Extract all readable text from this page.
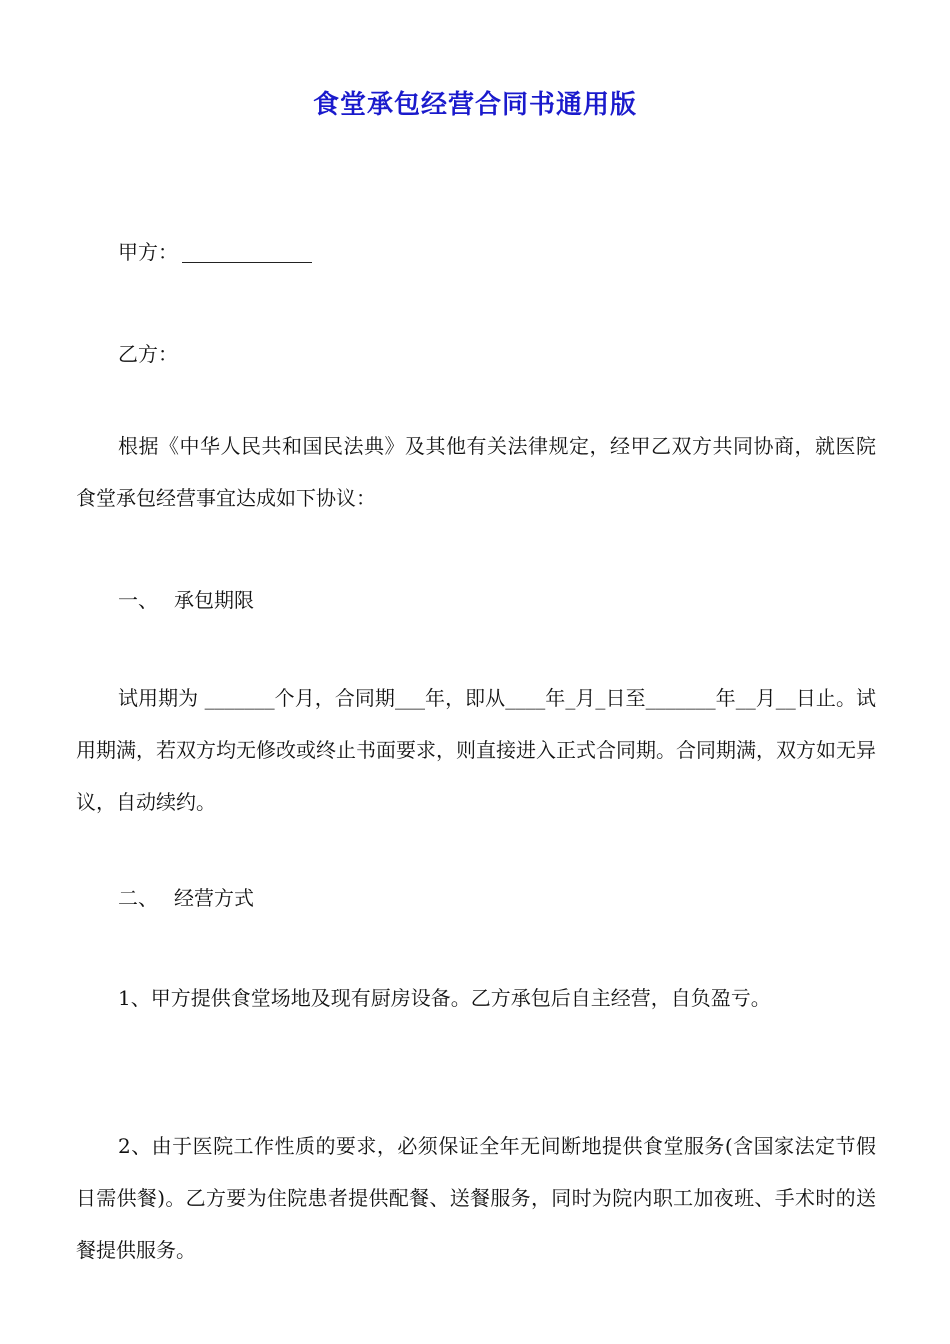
食堂承包经营合同书通用版
甲方：
乙方：
根据《中华人民共和国民法典》及其他有关法律规定，经甲乙双方共同协商，就医院食堂承包经营事宜达成如下协议：
一、 承包期限
试用期为 _______个月，合同期___年，即从____年_月_日至_______年__月__日止。试用期满，若双方均无修改或终止书面要求，则直接进入正式合同期。合同期满，双方如无异议，自动续约。
二、 经营方式
1、甲方提供食堂场地及现有厨房设备。乙方承包后自主经营，自负盈亏。
2、由于医院工作性质的要求，必须保证全年无间断地提供食堂服务(含国家法定节假日需供餐)。乙方要为住院患者提供配餐、送餐服务，同时为院内职工加夜班、手术时的送餐提供服务。
